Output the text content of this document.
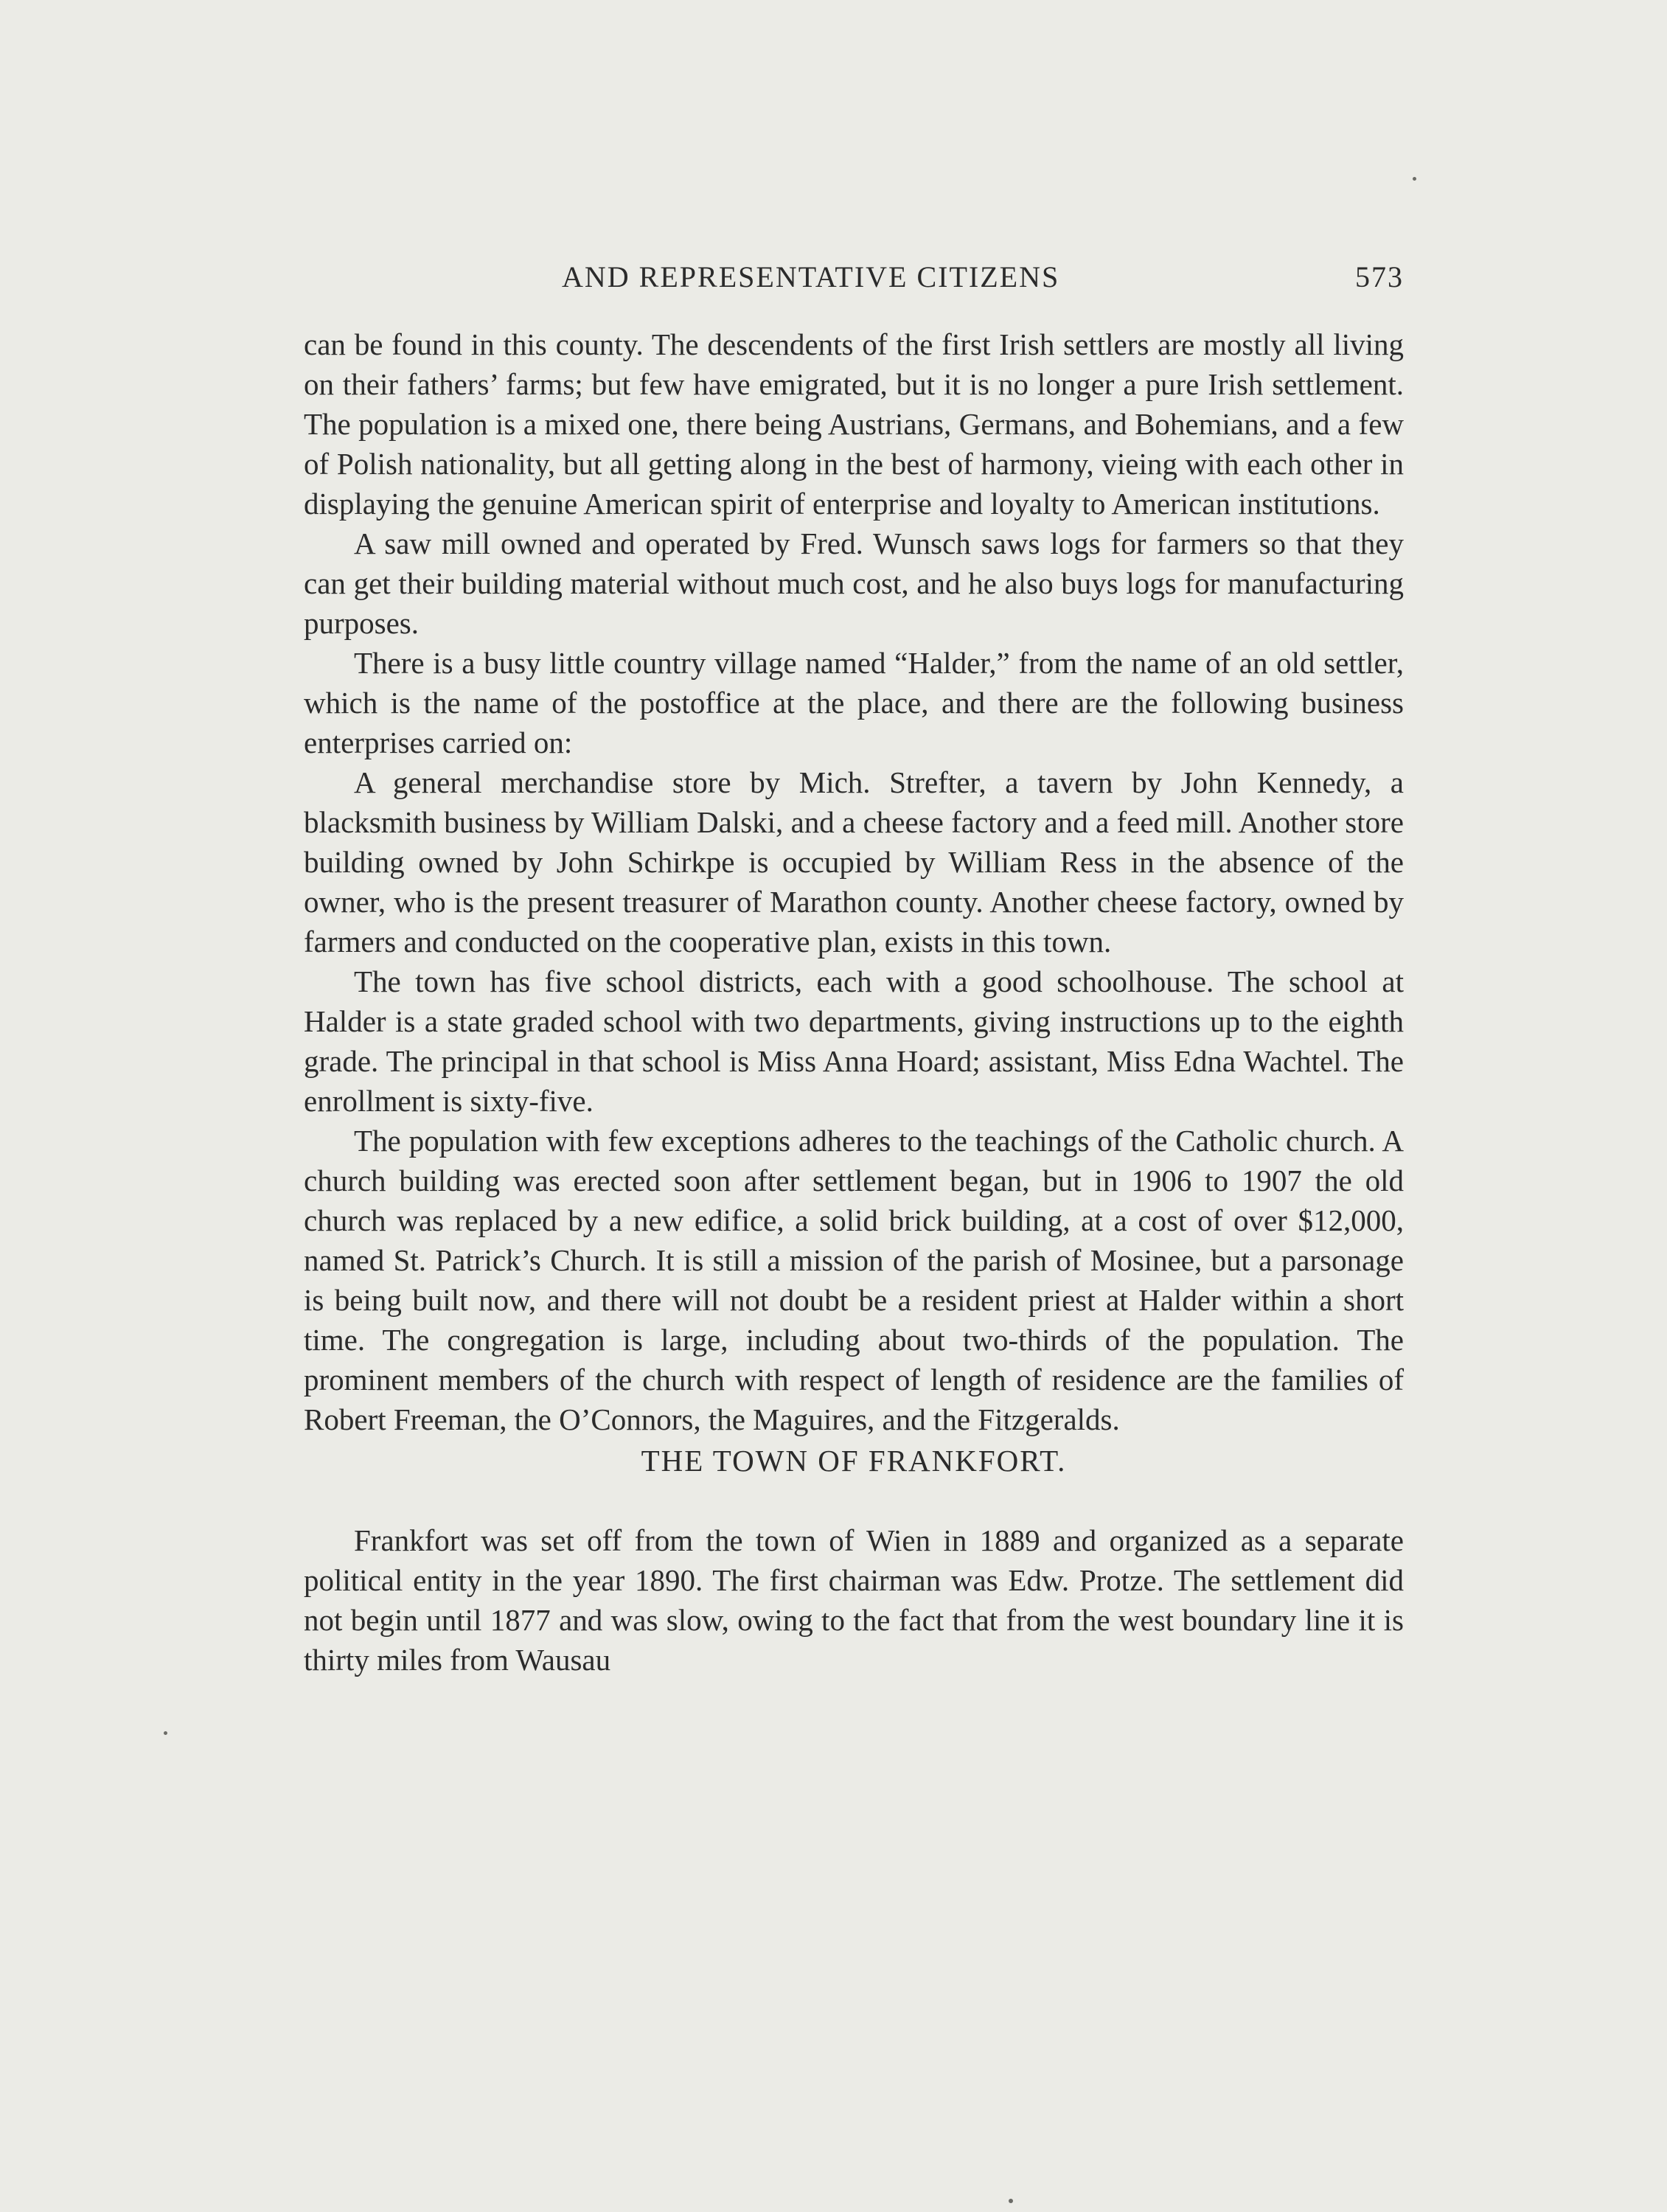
AND REPRESENTATIVE CITIZENS	573

can be found in this county. The descendents of the first Irish settlers are mostly all living on their fathers’ farms; but few have emigrated, but it is no longer a pure Irish settlement. The population is a mixed one, there being Austrians, Germans, and Bohemians, and a few of Polish nationality, but all getting along in the best of harmony, vieing with each other in displaying the genuine American spirit of enterprise and loyalty to American institutions.

A saw mill owned and operated by Fred. Wunsch saws logs for farmers so that they can get their building material without much cost, and he also buys logs for manufacturing purposes.

There is a busy little country village named “Halder,” from the name of an old settler, which is the name of the postoffice at the place, and there are the following business enterprises carried on:

A general merchandise store by Mich. Strefter, a tavern by John Kennedy, a blacksmith business by William Dalski, and a cheese factory and a feed mill. Another store building owned by John Schirkpe is occupied by William Ress in the absence of the owner, who is the present treasurer of Marathon county. Another cheese factory, owned by farmers and conducted on the cooperative plan, exists in this town.

The town has five school districts, each with a good schoolhouse. The school at Halder is a state graded school with two departments, giving instructions up to the eighth grade. The principal in that school is Miss Anna Hoard; assistant, Miss Edna Wachtel. The enrollment is sixty-five.

The population with few exceptions adheres to the teachings of the Catholic church. A church building was erected soon after settlement began, but in 1906 to 1907 the old church was replaced by a new edifice, a solid brick building, at a cost of over $12,000, named St. Patrick’s Church. It is still a mission of the parish of Mosinee, but a parsonage is being built now, and there will not doubt be a resident priest at Halder within a short time. The congregation is large, including about two-thirds of the population. The prominent members of the church with respect of length of residence are the families of Robert Freeman, the O’Connors, the Maguires, and the Fitzgeralds.

THE TOWN OF FRANKFORT.

Frankfort was set off from the town of Wien in 1889 and organized as a separate political entity in the year 1890. The first chairman was Edw. Protze. The settlement did not begin until 1877 and was slow, owing to the fact that from the west boundary line it is thirty miles from Wausau
